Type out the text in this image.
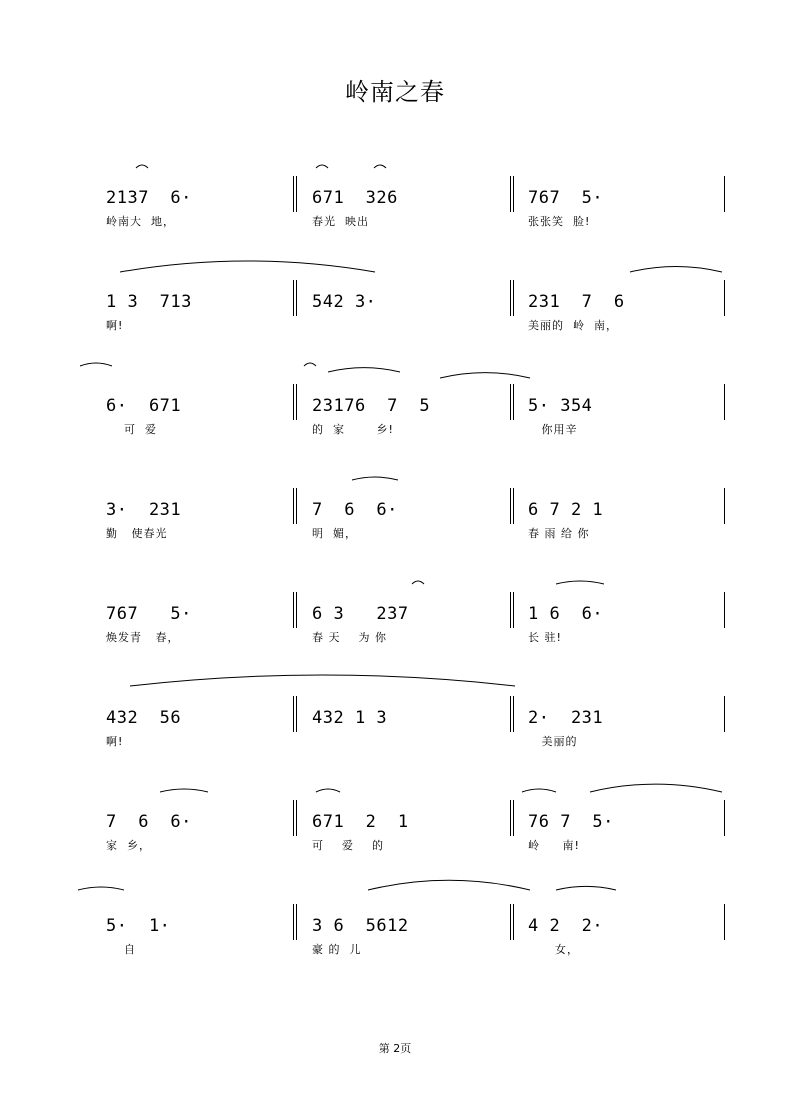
岭南之春
2137  6·
岭南大  地，
671  326
春光  映出
767  5·
张张笑  脸!
1 3  713
啊!
542 3·	231  7  6
美丽的  岭  南，
6·  671
可  爱
23176  7  5
的  家       乡!
5· 354
你用辛
3·  231
勤   使春光
7  6  6·
明  媚，
6 7 2 1
春 雨 给 你
767   5·
焕发青   春，
6 3   237
春 天    为 你
1 6  6·
长 驻!
432  56
啊!
432 1 3	2·  231
美丽的
7  6  6·
家  乡，
671  2  1
可    爱    的
76 7  5·
岭     南!
5·  1·
自
3 6  5612
豪 的  儿
4 2  2·
女，
第 2页
